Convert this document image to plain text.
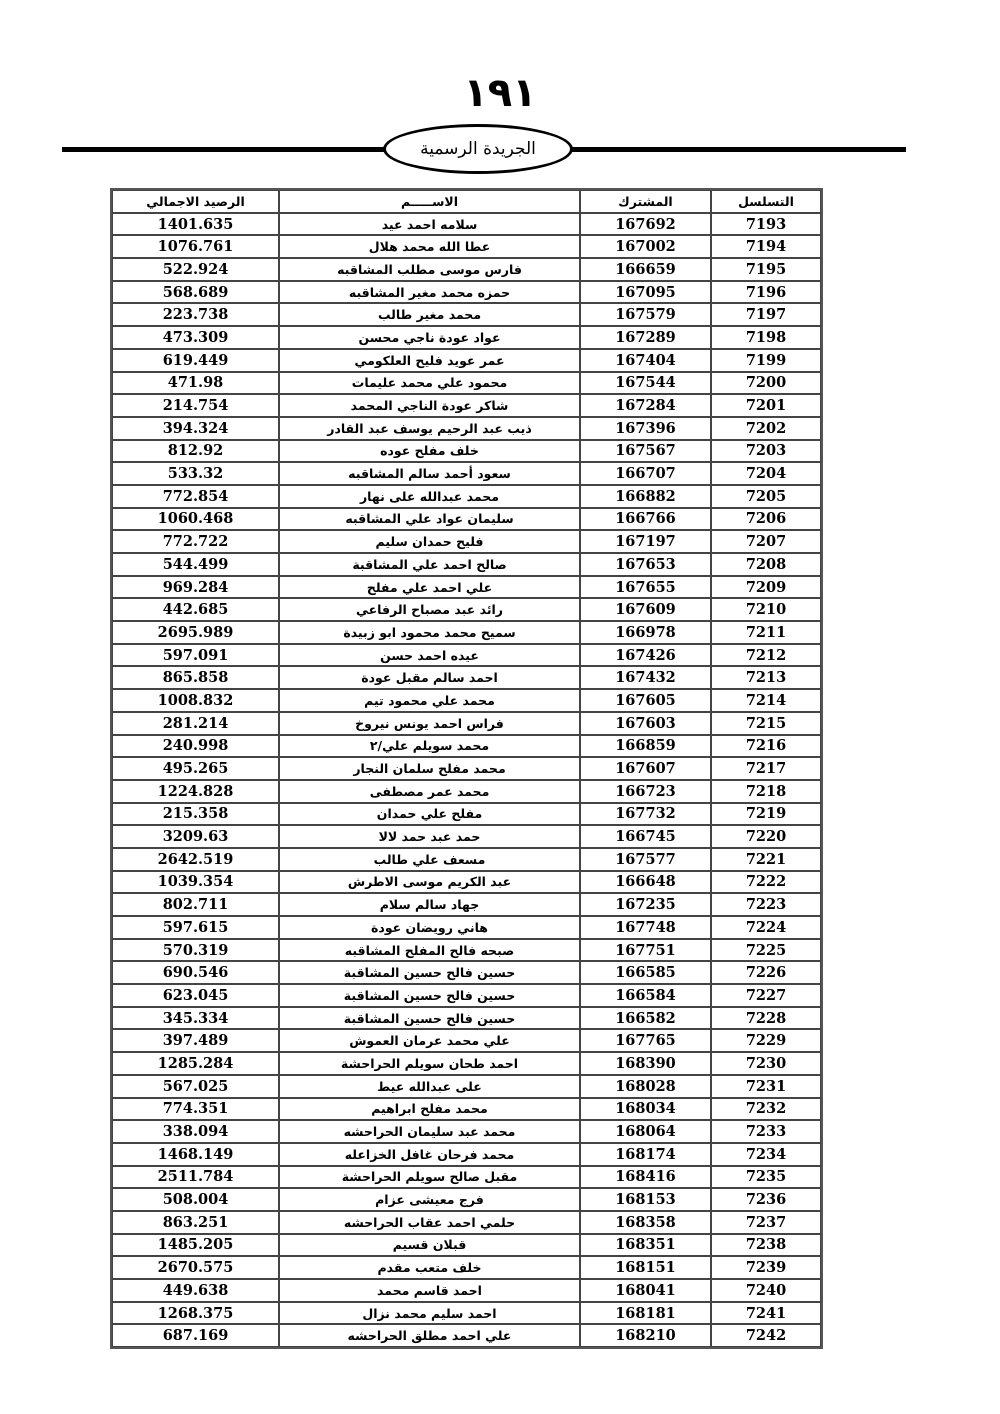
١٩١
الجريدة الرسمية
الرصيد الاجمالي	الاســـــم	المشترك	التسلسل
1401.635	سلامه احمد عيد	167692	7193
1076.761	عطا الله محمد هلال	167002	7194
522.924	فارس موسى مطلب المشاقبه	166659	7195
568.689	حمزه محمد مغير المشاقبه	167095	7196
223.738	محمد مغير طالب	167579	7197
473.309	عواد عودة ناجي محسن	167289	7198
619.449	عمر عويد فليح العلكومي	167404	7199
471.98	محمود علي محمد عليمات	167544	7200
214.754	شاكر عودة الناجي المحمد	167284	7201
394.324	ذيب عبد الرحيم يوسف عبد القادر	167396	7202
812.92	خلف مفلح عوده	167567	7203
533.32	سعود أحمد سالم المشاقبه	166707	7204
772.854	محمد عبدالله على نهار	166882	7205
1060.468	سليمان عواد علي المشاقبه	166766	7206
772.722	فليح حمدان سليم	167197	7207
544.499	صالح احمد علي المشاقبة	167653	7208
969.284	علي احمد علي مفلح	167655	7209
442.685	رائد عبد مصباح الرفاعي	167609	7210
2695.989	سميح محمد محمود ابو زبيدة	166978	7211
597.091	عيده احمد حسن	167426	7212
865.858	احمد سالم مقبل عودة	167432	7213
1008.832	محمد علي محمود تيم	167605	7214
281.214	فراس احمد يونس نيروخ	167603	7215
240.998	محمد سويلم علي/٢	166859	7216
495.265	محمد مفلح سلمان النجار	167607	7217
1224.828	محمد عمر مصطفى	166723	7218
215.358	مفلح علي حمدان	167732	7219
3209.63	حمد عبد حمد لالا	166745	7220
2642.519	مسعف علي طالب	167577	7221
1039.354	عبد الكريم موسى الاطرش	166648	7222
802.711	جهاد سالم سلام	167235	7223
597.615	هاني رويضان عودة	167748	7224
570.319	صبحه فالح المفلح المشاقبه	167751	7225
690.546	حسين فالح حسين المشاقبة	166585	7226
623.045	حسين فالح حسين المشاقبة	166584	7227
345.334	حسين فالح حسين المشاقبة	166582	7228
397.489	علي محمد عرمان العموش	167765	7229
1285.284	احمد طحان سويلم الحراحشة	168390	7230
567.025	على عبدالله عيط	168028	7231
774.351	محمد مفلح ابراهيم	168034	7232
338.094	محمد عبد سليمان الحراحشه	168064	7233
1468.149	محمد فرحان غافل الخزاعله	168174	7234
2511.784	مقبل صالح سويلم الحراحشة	168416	7235
508.004	فرج معيشى عزام	168153	7236
863.251	حلمي احمد عقاب الحراحشه	168358	7237
1485.205	قبلان قسيم	168351	7238
2670.575	خلف متعب مقدم	168151	7239
449.638	احمد قاسم محمد	168041	7240
1268.375	احمد سليم محمد نزال	168181	7241
687.169	علي احمد مطلق الحراحشه	168210	7242
